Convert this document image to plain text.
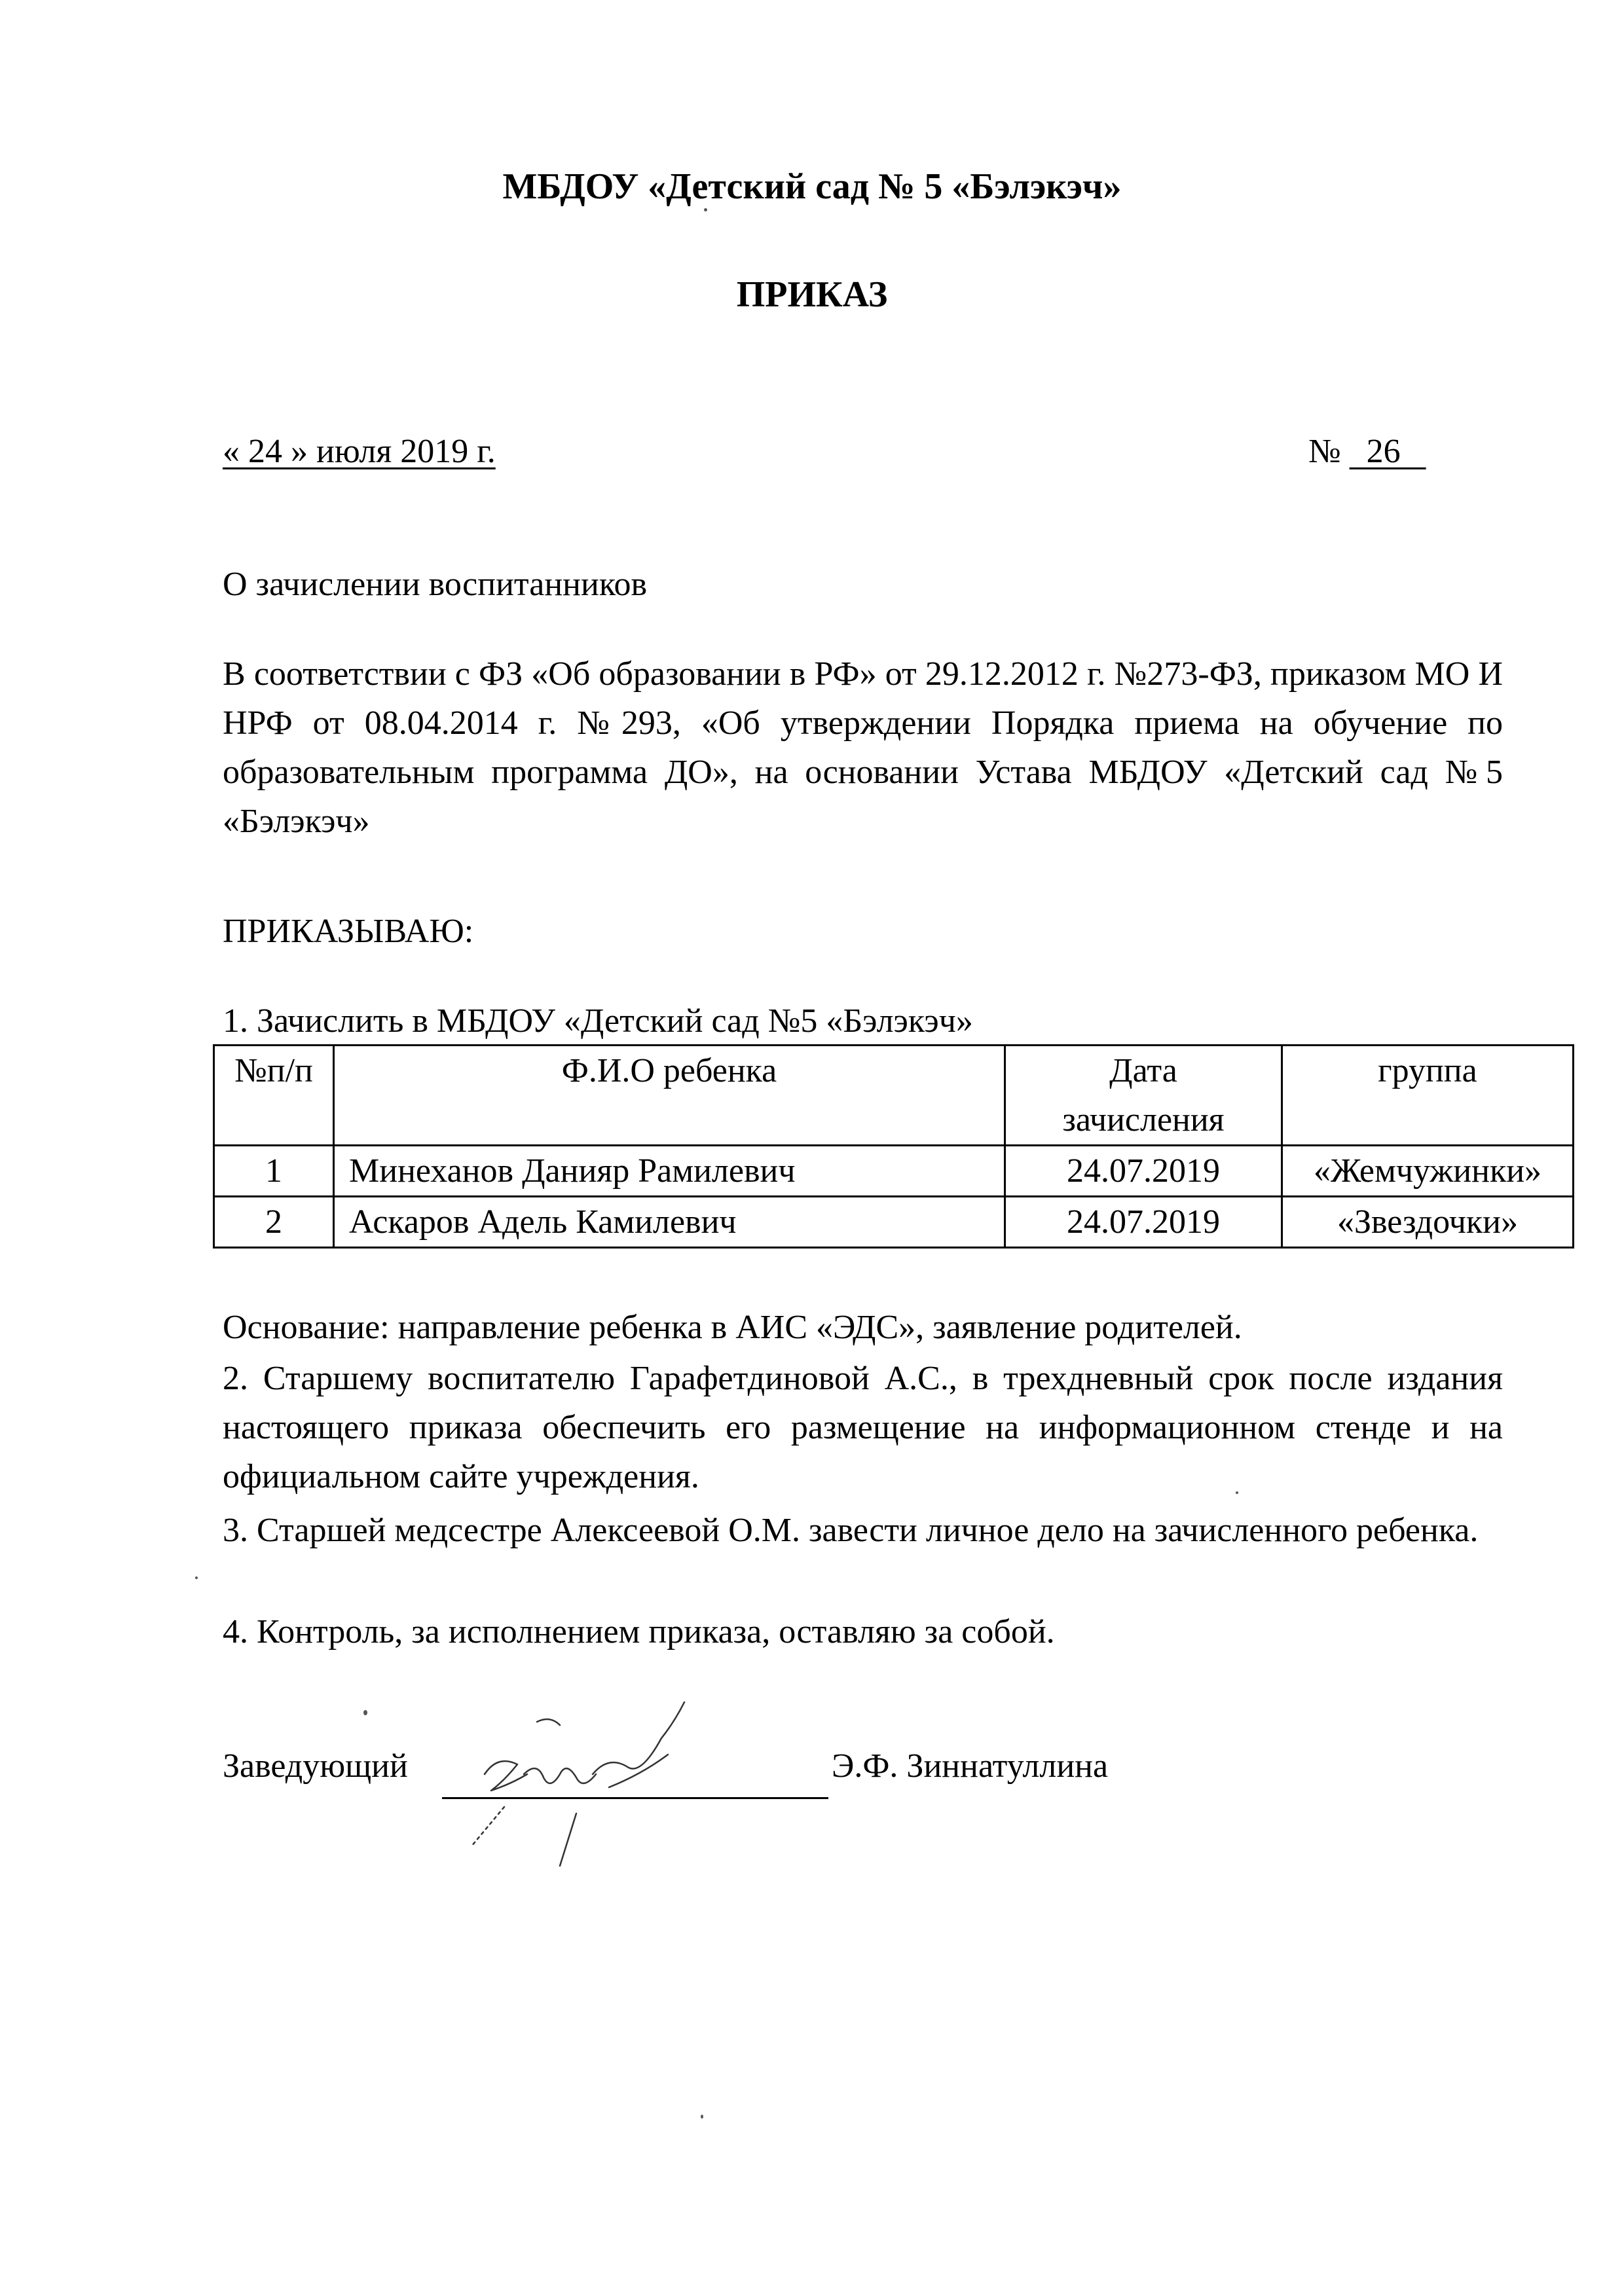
МБДОУ «Детский сад № 5 «Бэлэкэч»
ПРИКАЗ
« 24 » июля 2019 г.	№   26
О зачислении воспитанников
В соответствии с ФЗ «Об образовании в РФ» от 29.12.2012 г. №273-ФЗ, приказом МО И НРФ от 08.04.2014 г. №293, «Об утверждении Порядка приема на обучение по образовательным программа ДО», на основании Устава МБДОУ «Детский сад №5 «Бэлэкэч»
ПРИКАЗЫВАЮ:
1. Зачислить в МБДОУ «Детский сад №5 «Бэлэкэч»
№п/п	Ф.И.О ребенка	Дата зачисления	группа
1	Минеханов Данияр Рамилевич	24.07.2019	«Жемчужинки»
2	Аскаров Адель Камилевич	24.07.2019	«Звездочки»
Основание: направление ребенка в АИС «ЭДС», заявление родителей.
2. Старшему воспитателю Гарафетдиновой А.С., в трехдневный срок после издания настоящего приказа обеспечить его размещение на информационном стенде и на официальном сайте учреждения.
3. Старшей медсестре Алексеевой О.М. завести личное дело на зачисленного ребенка.
4. Контроль, за исполнением приказа, оставляю за собой.
Заведующий	Э.Ф. Зиннатуллина
